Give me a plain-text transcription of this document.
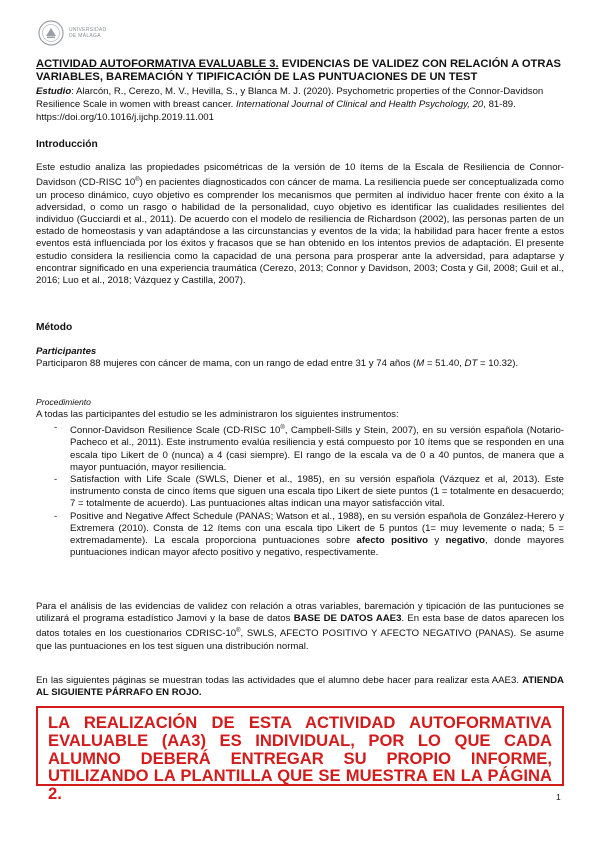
UNIVERSIDAD
DE MÁLAGA
ACTIVIDAD AUTOFORMATIVA EVALUABLE 3. EVIDENCIAS DE VALIDEZ CON RELACIÓN A OTRAS VARIABLES, BAREMACIÓN Y TIPIFICACIÓN DE LAS PUNTUACIONES DE UN TEST
Estudio: Alarcón, R., Cerezo, M. V., Hevilla, S., y Blanca M. J. (2020). Psychometric properties of the Connor-Davidson Resilience Scale in women with breast cancer. International Journal of Clinical and Health Psychology, 20, 81-89. https://doi.org/10.1016/j.ijchp.2019.11.001
Introducción
Este estudio analiza las propiedades psicométricas de la versión de 10 ítems de la Escala de Resiliencia de Connor-Davidson (CD-RISC 10®) en pacientes diagnosticados con cáncer de mama. La resiliencia puede ser conceptualizada como un proceso dinámico, cuyo objetivo es comprender los mecanismos que permiten al individuo hacer frente con éxito a la adversidad, o como un rasgo o habilidad de la personalidad, cuyo objetivo es identificar las cualidades resilientes del individuo (Gucciardi et al., 2011). De acuerdo con el modelo de resiliencia de Richardson (2002), las personas parten de un estado de homeostasis y van adaptándose a las circunstancias y eventos de la vida; la habilidad para hacer frente a estos eventos está influenciada por los éxitos y fracasos que se han obtenido en los intentos previos de adaptación. El presente estudio considera la resiliencia como la capacidad de una persona para prosperar ante la adversidad, para adaptarse y encontrar significado en una experiencia traumática (Cerezo, 2013; Connor y Davidson, 2003; Costa y Gil, 2008; Guil et al., 2016; Luo et al., 2018; Vázquez y Castilla, 2007).
Método
Participantes
Participaron 88 mujeres con cáncer de mama, con un rango de edad entre 31 y 74 años (M = 51.40, DT = 10.32).
Procedimiento
A todas las participantes del estudio se les administraron los siguientes instrumentos:
- Connor-Davidson Resilience Scale (CD-RISC 10®, Campbell-Sills y Stein, 2007), en su versión española (Notario-Pacheco et al., 2011). Este instrumento evalúa resiliencia y está compuesto por 10 ítems que se responden en una escala tipo Likert de 0 (nunca) a 4 (casi siempre). El rango de la escala va de 0 a 40 puntos, de manera que a mayor puntuación, mayor resiliencia.
- Satisfaction with Life Scale (SWLS, Diener et al., 1985), en su versión española (Vázquez et al, 2013). Este instrumento consta de cinco ítems que siguen una escala tipo Likert de siete puntos (1 = totalmente en desacuerdo; 7 = totalmente de acuerdo). Las puntuaciones altas indican una mayor satisfacción vital.
- Positive and Negative Affect Schedule (PANAS; Watson et al., 1988), en su versión española de González-Herero y Extremera (2010). Consta de 12 ítems con una escala tipo Likert de 5 puntos (1= muy levemente o nada; 5 = extremadamente). La escala proporciona puntuaciones sobre afecto positivo y negativo, donde mayores puntuaciones indican mayor afecto positivo y negativo, respectivamente.
Para el análisis de las evidencias de validez con relación a otras variables, baremación y tipicación de las puntuciones se utilizará el programa estadístico Jamovi y la base de datos BASE DE DATOS AAE3. En esta base de datos aparecen los datos totales en los cuestionarios CDRISC-10®, SWLS, AFECTO POSITIVO Y AFECTO NEGATIVO (PANAS). Se asume que las puntuaciones en los test siguen una distribución normal.
En las siguientes páginas se muestran todas las actividades que el alumno debe hacer para realizar esta AAE3. ATIENDA AL SIGUIENTE PÁRRAFO EN ROJO.
LA REALIZACIÓN DE ESTA ACTIVIDAD AUTOFORMATIVA EVALUABLE (AA3) ES INDIVIDUAL, POR LO QUE CADA ALUMNO DEBERÁ ENTREGAR SU PROPIO INFORME, UTILIZANDO LA PLANTILLA QUE SE MUESTRA EN LA PÁGINA 2.	1
